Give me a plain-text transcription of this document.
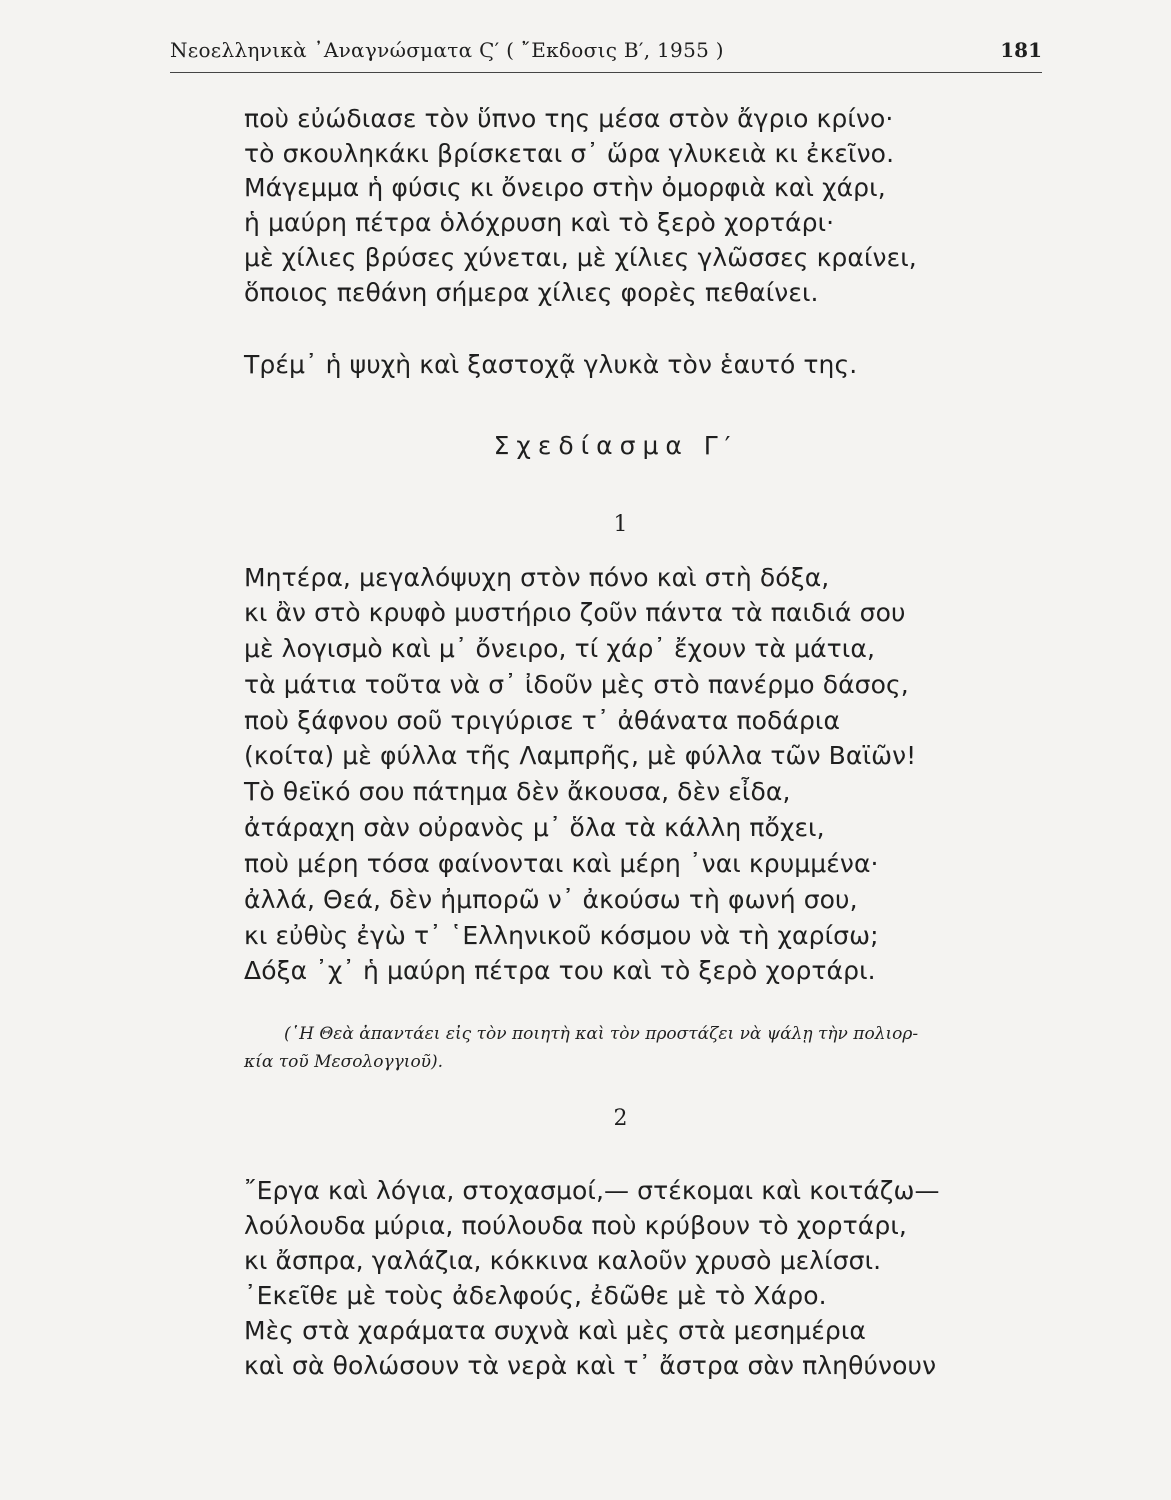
Νεοελληνικὰ ᾿Αναγνώσματα Ϛ′ ( ῎Εκδοσις Β′, 1955 )	181
ποὺ εὐώδιασε τὸν ὕπνο της μέσα στὸν ἄγριο κρίνο·
τὸ σκουληκάκι βρίσκεται σ᾿ ὥρα γλυκειὰ κι ἐκεῖνο.
Μάγεμμα ἡ φύσις κι ὄνειρο στὴν ὀμορφιὰ καὶ χάρι,
ἡ μαύρη πέτρα ὁλόχρυση καὶ τὸ ξερὸ χορτάρι·
μὲ χίλιες βρύσες χύνεται, μὲ χίλιες γλῶσσες κραίνει,
ὅποιος πεθάνη σήμερα χίλιες φορὲς πεθαίνει.
Τρέμ᾿ ἡ ψυχὴ καὶ ξαστοχᾷ γλυκὰ τὸν ἑαυτό της.
Σχεδίασμα Γ′
1
Μητέρα, μεγαλόψυχη στὸν πόνο καὶ στὴ δόξα,
κι ἂν στὸ κρυφὸ μυστήριο ζοῦν πάντα τὰ παιδιά σου
μὲ λογισμὸ καὶ μ᾿ ὄνειρο, τί χάρ᾿ ἔχουν τὰ μάτια,
τὰ μάτια τοῦτα νὰ σ᾿ ἰδοῦν μὲς στὸ πανέρμο δάσος,
ποὺ ξάφνου σοῦ τριγύρισε τ᾿ ἀθάνατα ποδάρια
(κοίτα) μὲ φύλλα τῆς Λαμπρῆς, μὲ φύλλα τῶν Βαϊῶν!
Τὸ θεϊκό σου πάτημα δὲν ἄκουσα, δὲν εἶδα,
ἀτάραχη σὰν οὐρανὸς μ᾿ ὅλα τὰ κάλλη πὄχει,
ποὺ μέρη τόσα φαίνονται καὶ μέρη ᾿ναι κρυμμένα·
ἀλλά, Θεά, δὲν ἠμπορῶ ν᾿ ἀκούσω τὴ φωνή σου,
κι εὐθὺς ἐγὼ τ᾿ ῾Ελληνικοῦ κόσμου νὰ τὴ χαρίσω;
Δόξα ᾿χ᾿ ἡ μαύρη πέτρα του καὶ τὸ ξερὸ χορτάρι.
(῾Η Θεὰ ἀπαντάει εἰς τὸν ποιητὴ καὶ τὸν προστάζει νὰ ψάλῃ τὴν πολιορ-
κία τοῦ Μεσολογγιοῦ).
2
῎Εργα καὶ λόγια, στοχασμοί,— στέκομαι καὶ κοιτάζω—
λούλουδα μύρια, πούλουδα ποὺ κρύβουν τὸ χορτάρι,
κι ἄσπρα, γαλάζια, κόκκινα καλοῦν χρυσὸ μελίσσι.
᾿Εκεῖθε μὲ τοὺς ἀδελφούς, ἐδῶθε μὲ τὸ Χάρο.
Μὲς στὰ χαράματα συχνὰ καὶ μὲς στὰ μεσημέρια
καὶ σὰ θολώσουν τὰ νερὰ καὶ τ᾿ ἄστρα σὰν πληθύνουν
